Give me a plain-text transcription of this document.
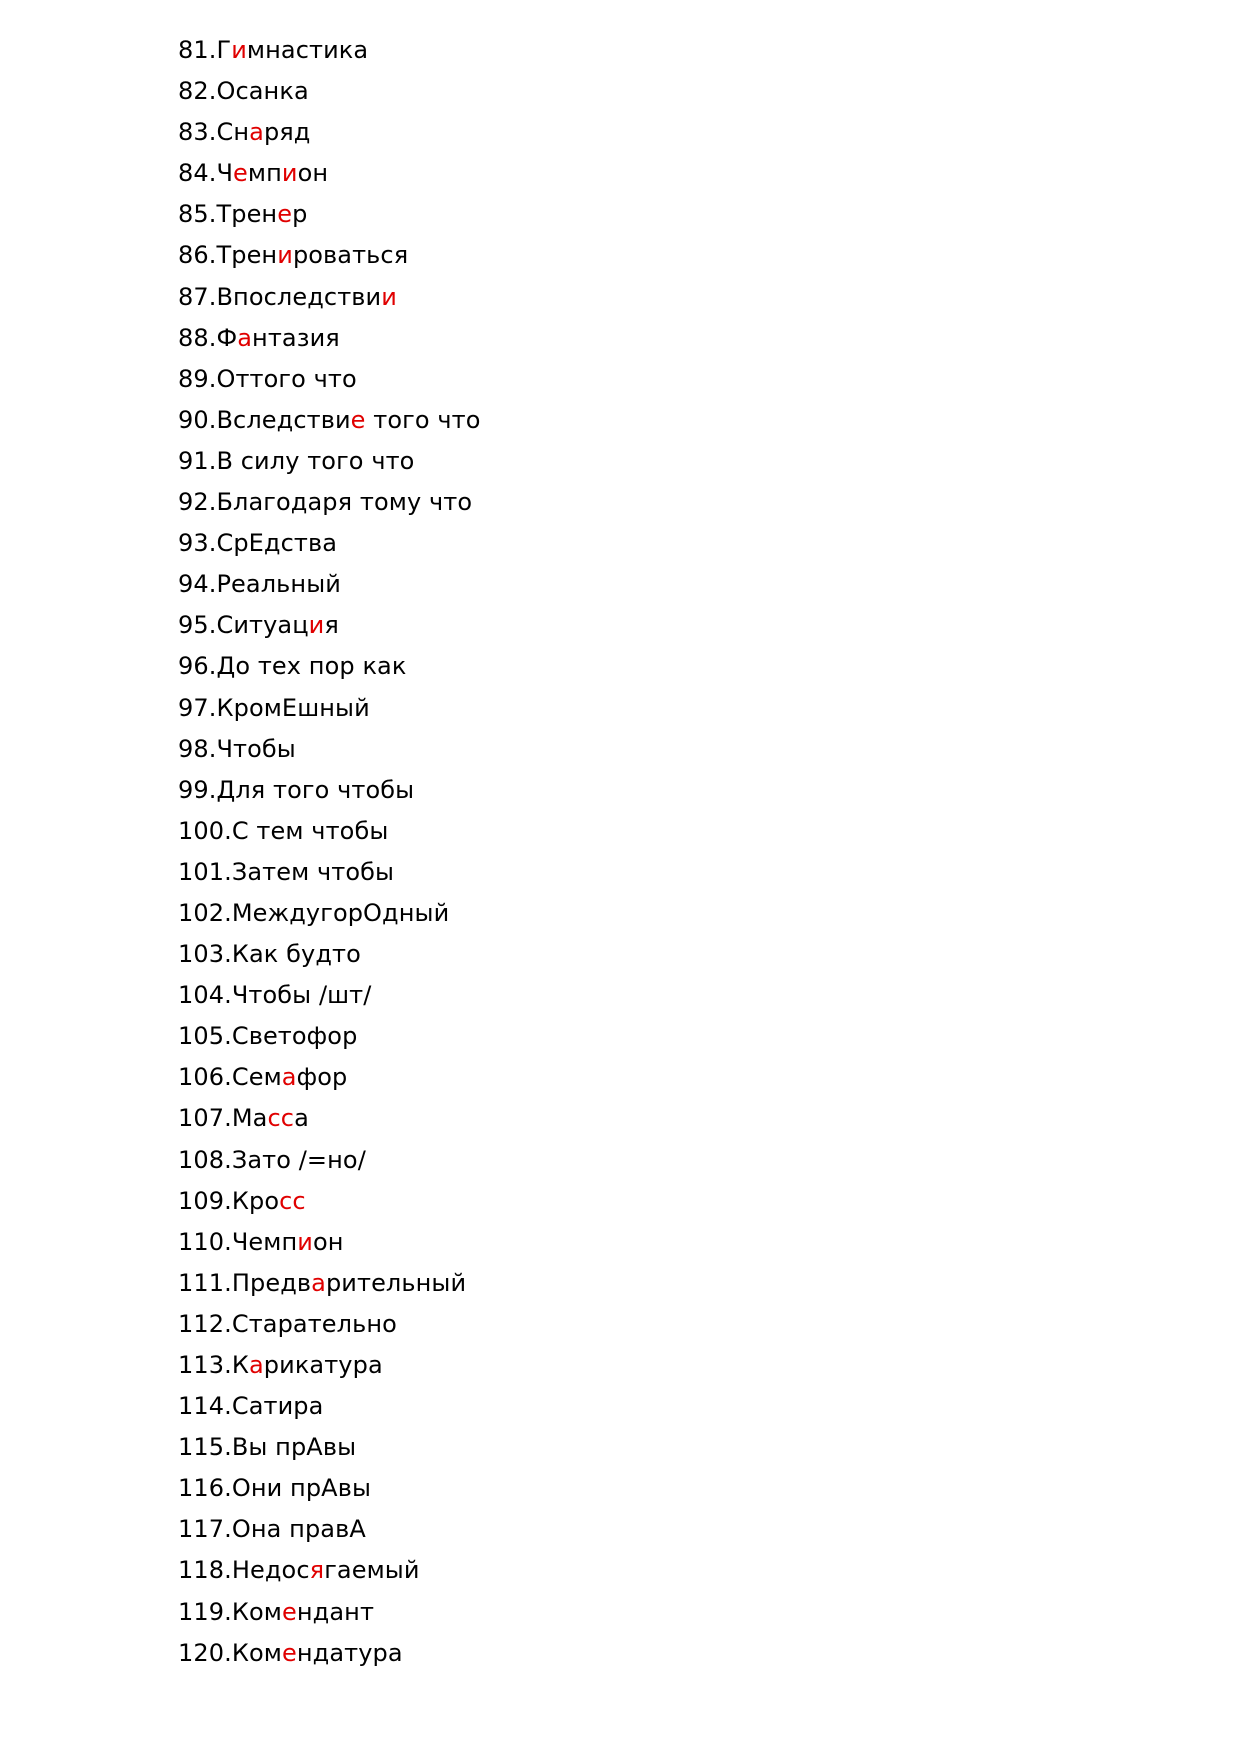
81.Гимнастика
82.Осанка
83.Снаряд
84.Чемпион
85.Тренер
86.Тренироваться
87.Впоследствии
88.Фантазия
89.Оттого что
90.Вследствие того что
91.В силу того что
92.Благодаря тому что
93.СрЕдства
94.Реальный
95.Ситуация
96.До тех пор как
97.КромЕшный
98.Чтобы
99.Для того чтобы
100.С тем чтобы
101.Затем чтобы
102.МеждугорОдный
103.Как будто
104.Чтобы /шт/
105.Светофор
106.Семафор
107.Масса
108.Зато /=но/
109.Кросс
110.Чемпион
111.Предварительный
112.Старательно
113.Карикатура
114.Сатира
115.Вы прАвы
116.Они прАвы
117.Она правА
118.Недосягаемый
119.Комендант
120.Комендатура
